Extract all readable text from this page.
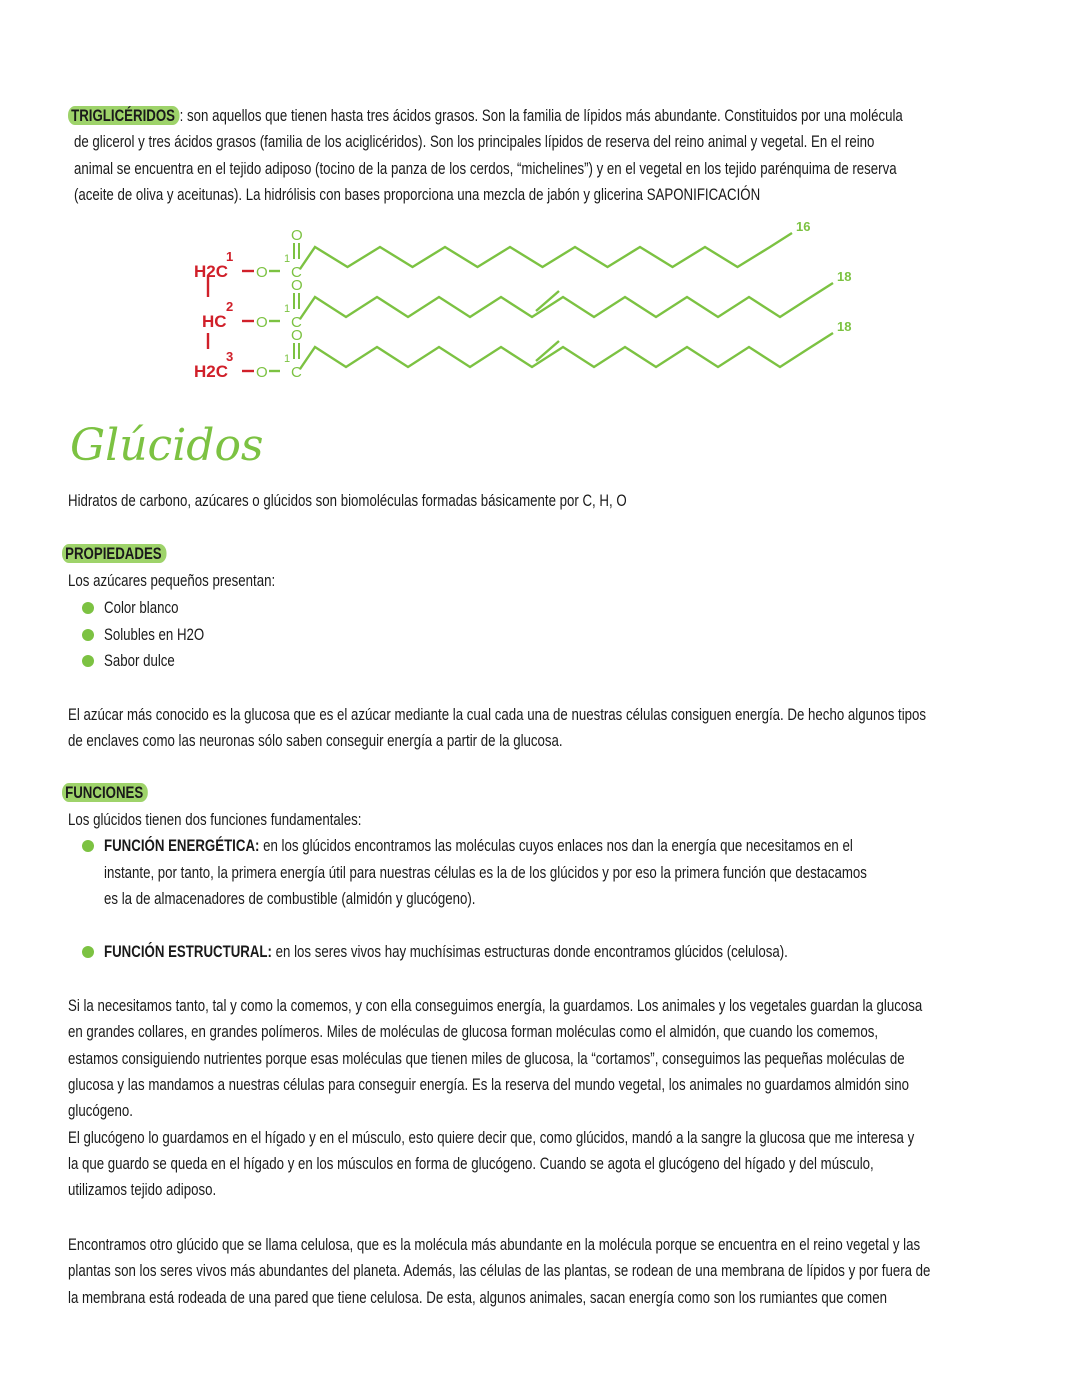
TRIGLICÉRIDOS : son aquellos que tienen hasta tres ácidos grasos. Son la familia de lípidos más abundante. Constituidos por una molécula
de glicerol y tres ácidos grasos (familia de los aciglicéridos). Son los principales lípidos de reserva del reino animal y vegetal. En el reino
animal se encuentra en el tejido adiposo (tocino de la panza de los cerdos, “michelines”) y en el vegetal en los tejido parénquima de reserva
(aceite de oliva y aceitunas). La hidrólisis con bases proporciona una mezcla de jabón y glicerina SAPONIFICACIÓN
H2C
1
HC
2
H2C
3
O C
1
O
16
O C
1
O
18
O C
1
O
18
Glúcidos
Hidratos de carbono, azúcares o glúcidos son biomoléculas formadas básicamente por C, H, O
PROPIEDADES
Los azúcares pequeños presentan:
Color blanco
Solubles en H2O
Sabor dulce
El azúcar más conocido es la glucosa que es el azúcar mediante la cual cada una de nuestras células consiguen energía. De hecho algunos tipos
de enclaves como las neuronas sólo saben conseguir energía a partir de la glucosa.
FUNCIONES
Los glúcidos tienen dos funciones fundamentales:
FUNCIÓN ENERGÉTICA: en los glúcidos encontramos las moléculas cuyos enlaces nos dan la energía que necesitamos en el
instante, por tanto, la primera energía útil para nuestras células es la de los glúcidos y por eso la primera función que destacamos
es la de almacenadores de combustible (almidón y glucógeno).
FUNCIÓN ESTRUCTURAL: en los seres vivos hay muchísimas estructuras donde encontramos glúcidos (celulosa).
Si la necesitamos tanto, tal y como la comemos, y con ella conseguimos energía, la guardamos. Los animales y los vegetales guardan la glucosa
en grandes collares, en grandes polímeros. Miles de moléculas de glucosa forman moléculas como el almidón, que cuando los comemos,
estamos consiguiendo nutrientes porque esas moléculas que tienen miles de glucosa, la “cortamos”, conseguimos las pequeñas moléculas de
glucosa y las mandamos a nuestras células para conseguir energía. Es la reserva del mundo vegetal, los animales no guardamos almidón sino
glucógeno.
El glucógeno lo guardamos en el hígado y en el músculo, esto quiere decir que, como glúcidos, mandó a la sangre la glucosa que me interesa y
la que guardo se queda en el hígado y en los músculos en forma de glucógeno. Cuando se agota el glucógeno del hígado y del músculo,
utilizamos tejido adiposo.
Encontramos otro glúcido que se llama celulosa, que es la molécula más abundante en la molécula porque se encuentra en el reino vegetal y las
plantas son los seres vivos más abundantes del planeta. Además, las células de las plantas, se rodean de una membrana de lípidos y por fuera de
la membrana está rodeada de una pared que tiene celulosa. De esta, algunos animales, sacan energía como son los rumiantes que comen
